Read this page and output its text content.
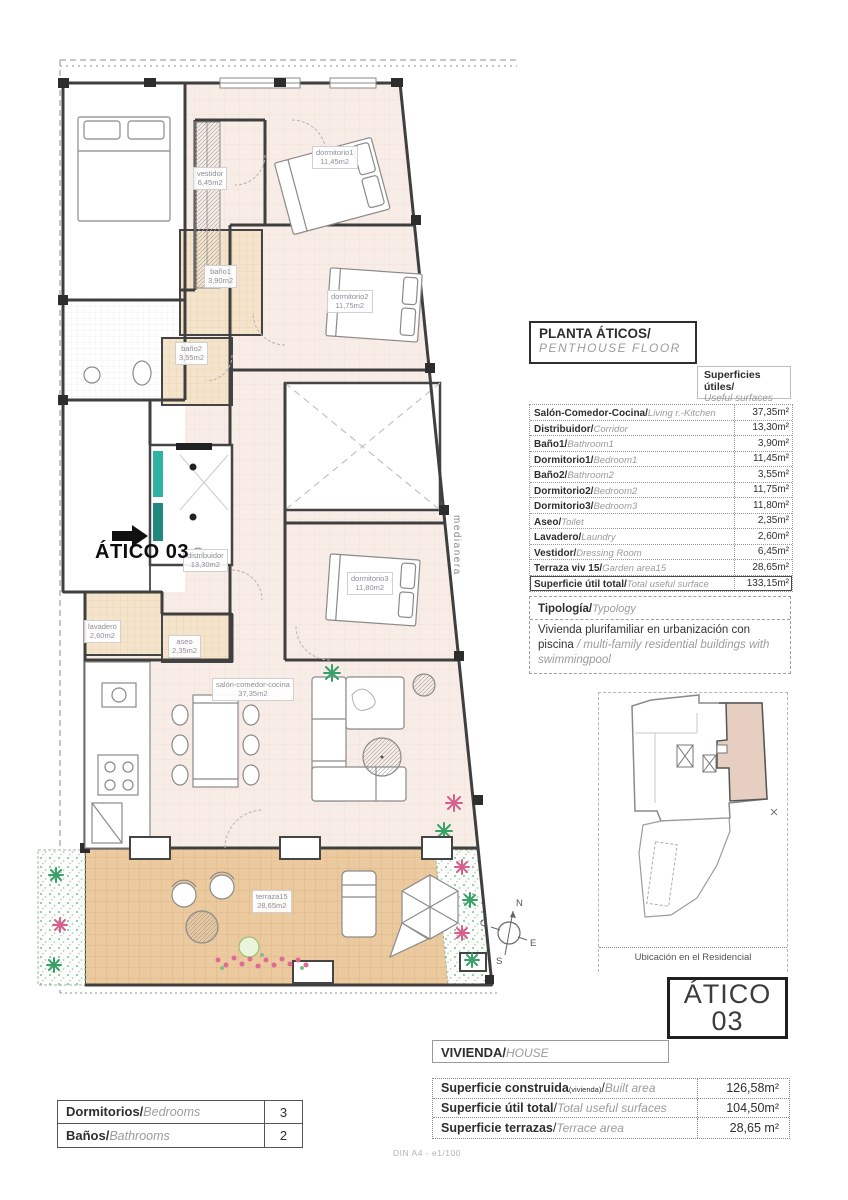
vestidor
6,45m2
dormitorio1
11,45m2
baño1
3,90m2
dormitorio2
11,75m2
baño2
3,55m2
distribuidor
13,30m2
dormitorio3
11,80m2
lavadero
2,60m2
aseo
2,35m2
salón-comedor-cocina
37,35m2
terraza15
28,65m2
ÁTICO 03	medianera
PLANTA ÁTICOS/
PENTHOUSE FLOOR
Superficies útiles/
Useful surfaces
Salón-Comedor-Cocina/Living r.-Kitchen	37,35m²
Distribuidor/Corridor	13,30m²
Baño1/Bathroom1	3,90m²
Dormitorio1/Bedroom1	11,45m²
Baño2/Bathroom2	3,55m²
Dormitorio2/Bedroom2	11,75m²
Dormitorio3/Bedroom3	11,80m²
Aseo/Toilet	2,35m²
Lavadero/Laundry	2,60m²
Vestidor/Dressing Room	6,45m²
Terraza viv 15/Garden area15	28,65m²
Superficie útil total/Total useful surface	133,15m²
Tipología/Typology
Vivienda plurifamiliar en urbanización con piscina / multi-family residential buildings with swimmingpool
Ubicación en el Residencial
N
O
E
S
ÁTICO
03
VIVIENDA/HOUSE
Superficie construida(vivienda)/Built area	126,58m²
Superficie útil total/Total useful surfaces	104,50m²
Superficie terrazas/Terrace area	28,65 m²
Dormitorios/Bedrooms	3
Baños/Bathrooms	2
DIN A4 - e1/100
